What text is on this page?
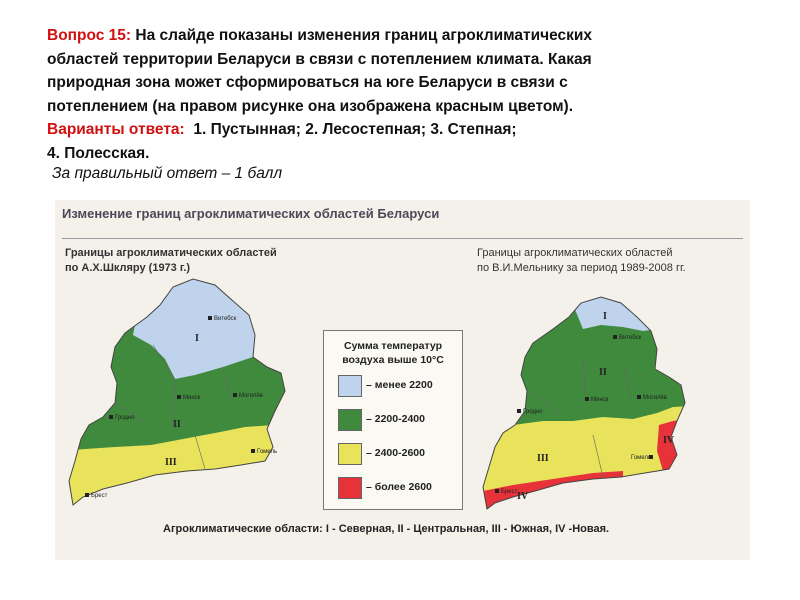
Вопрос 15: На слайде показаны изменения границ агроклиматических
областей территории Беларуси в связи с потеплением климата. Какая
природная зона может сформироваться на юге Беларуси в связи с
потеплением (на правом рисунке она изображена красным цветом).
Варианты ответа: 1. Пустынная; 2. Лесостепная; 3. Степная;
4. Полесская.
За правильный ответ – 1 балл
Изменение границ агроклиматических областей Беларуси
Границы агроклиматических областей
по А.Х.Шкляру (1973 г.)
Границы агроклиматических областей
по В.И.Мельнику за период 1989-2008 гг.
Витебск
Минск	Могилёв
Гродно
Гомель
Брест
I
II
III
Сумма температур
воздуха выше 10°С
– менее 2200
– 2200-2400
– 2400-2600
– более 2600
Витебск
Минск	Могилёв
Гродно
Гомель
Брест
I
II
III
IV
IV
Агроклиматические области: I - Северная, II - Центральная, III - Южная, IV -Новая.
